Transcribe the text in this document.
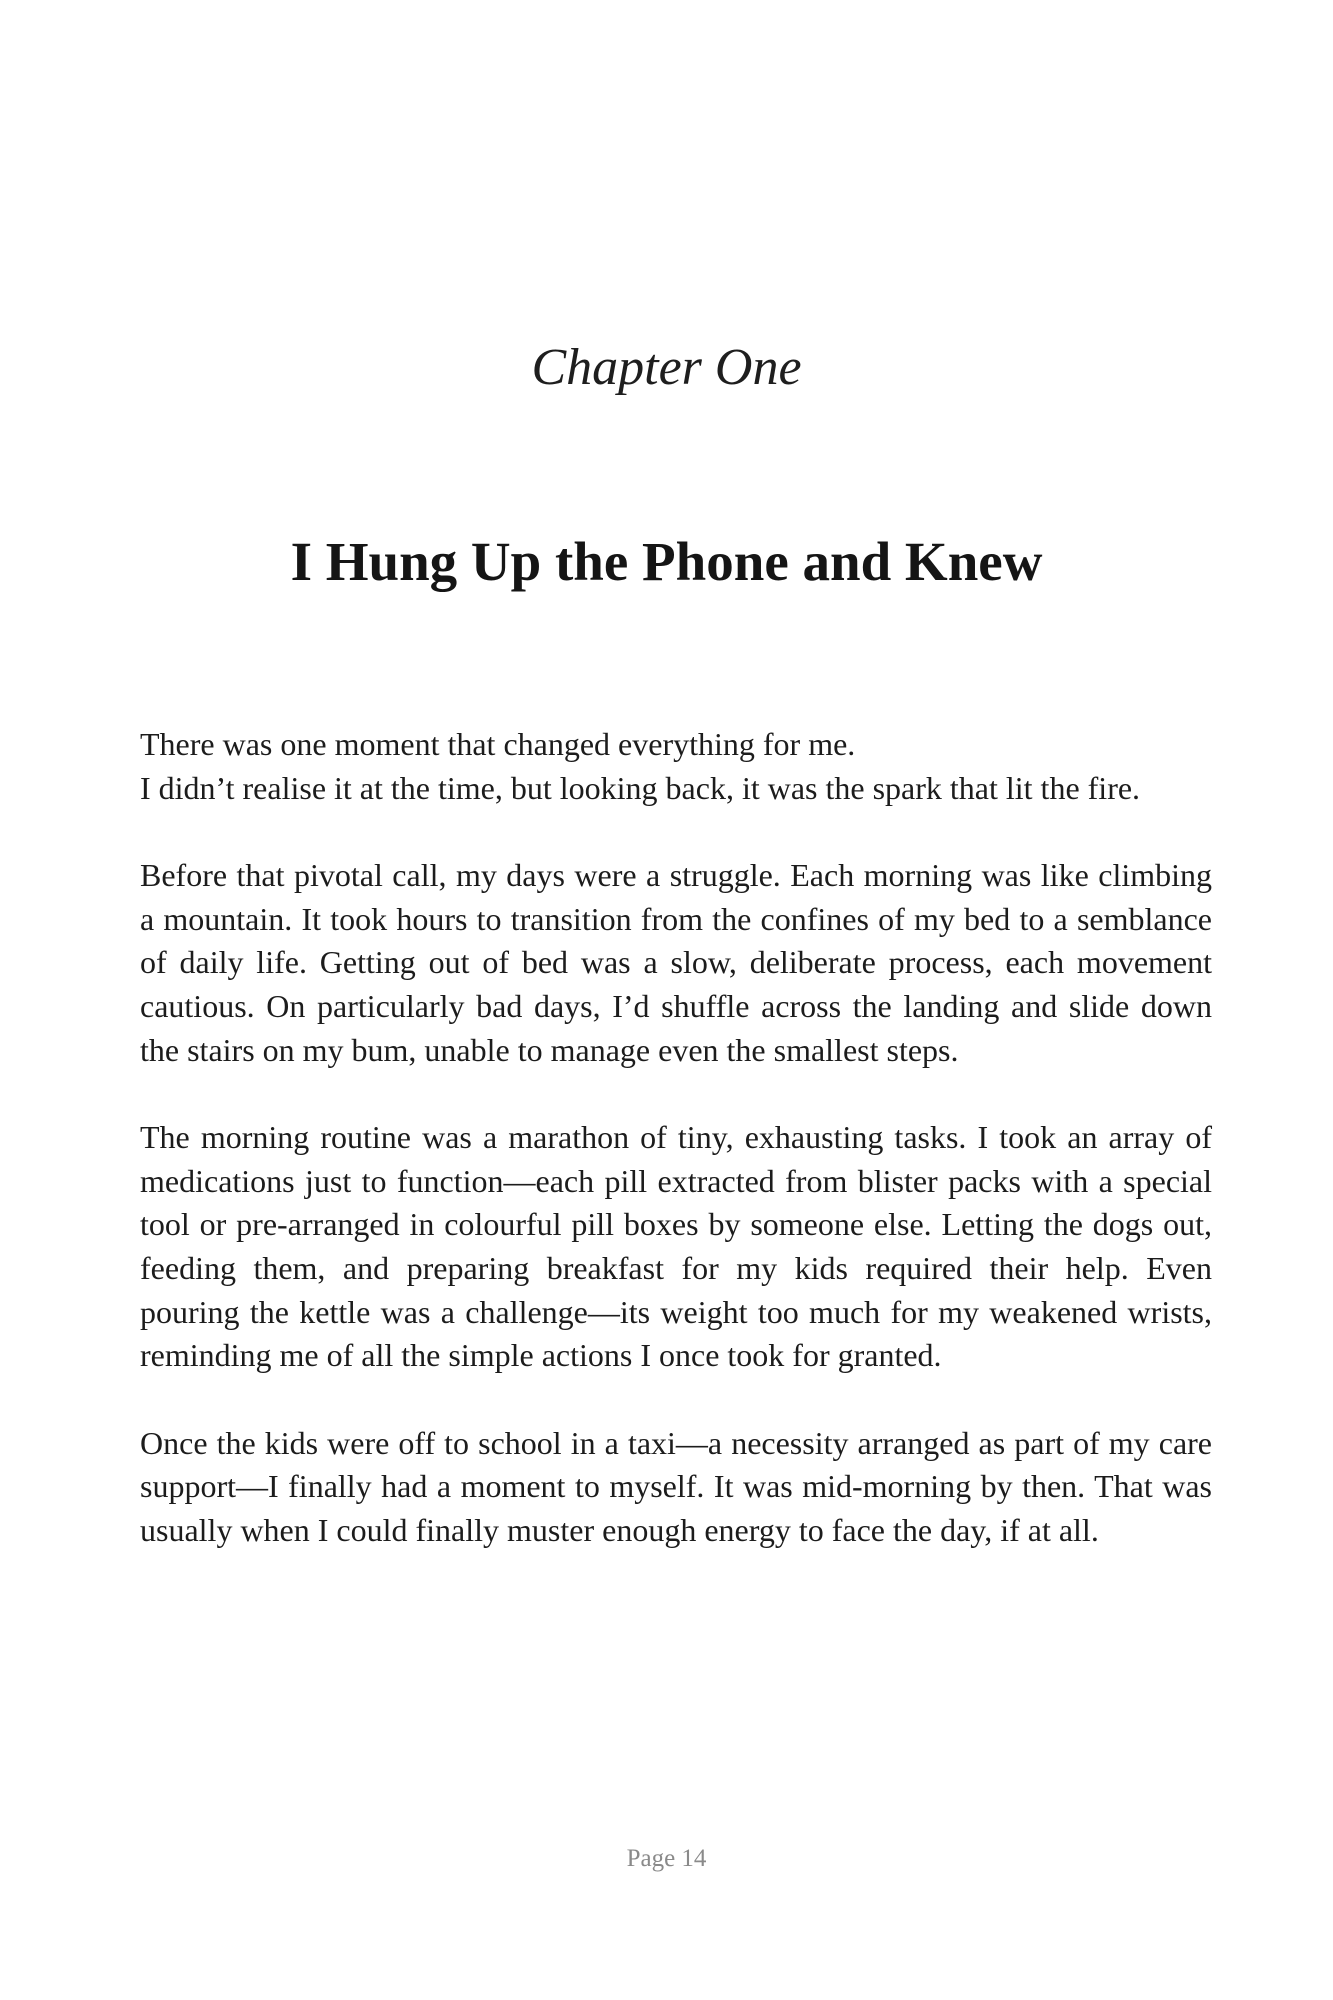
Chapter One
I Hung Up the Phone and Knew

There was one moment that changed everything for me.
I didn’t realise it at the time, but looking back, it was the spark that lit the fire.

Before that pivotal call, my days were a struggle. Each morning was like climbing a mountain. It took hours to transition from the confines of my bed to a semblance of daily life. Getting out of bed was a slow, deliberate process, each movement cautious. On particularly bad days, I’d shuffle across the landing and slide down the stairs on my bum, unable to manage even the smallest steps.

The morning routine was a marathon of tiny, exhausting tasks. I took an array of medications just to function—each pill extracted from blister packs with a special tool or pre-arranged in colourful pill boxes by someone else. Letting the dogs out, feeding them, and preparing breakfast for my kids required their help. Even pouring the kettle was a challenge—its weight too much for my weakened wrists, reminding me of all the simple actions I once took for granted.

Once the kids were off to school in a taxi—a necessity arranged as part of my care support—I finally had a moment to myself. It was mid-morning by then. That was usually when I could finally muster enough energy to face the day, if at all.

Page 14
